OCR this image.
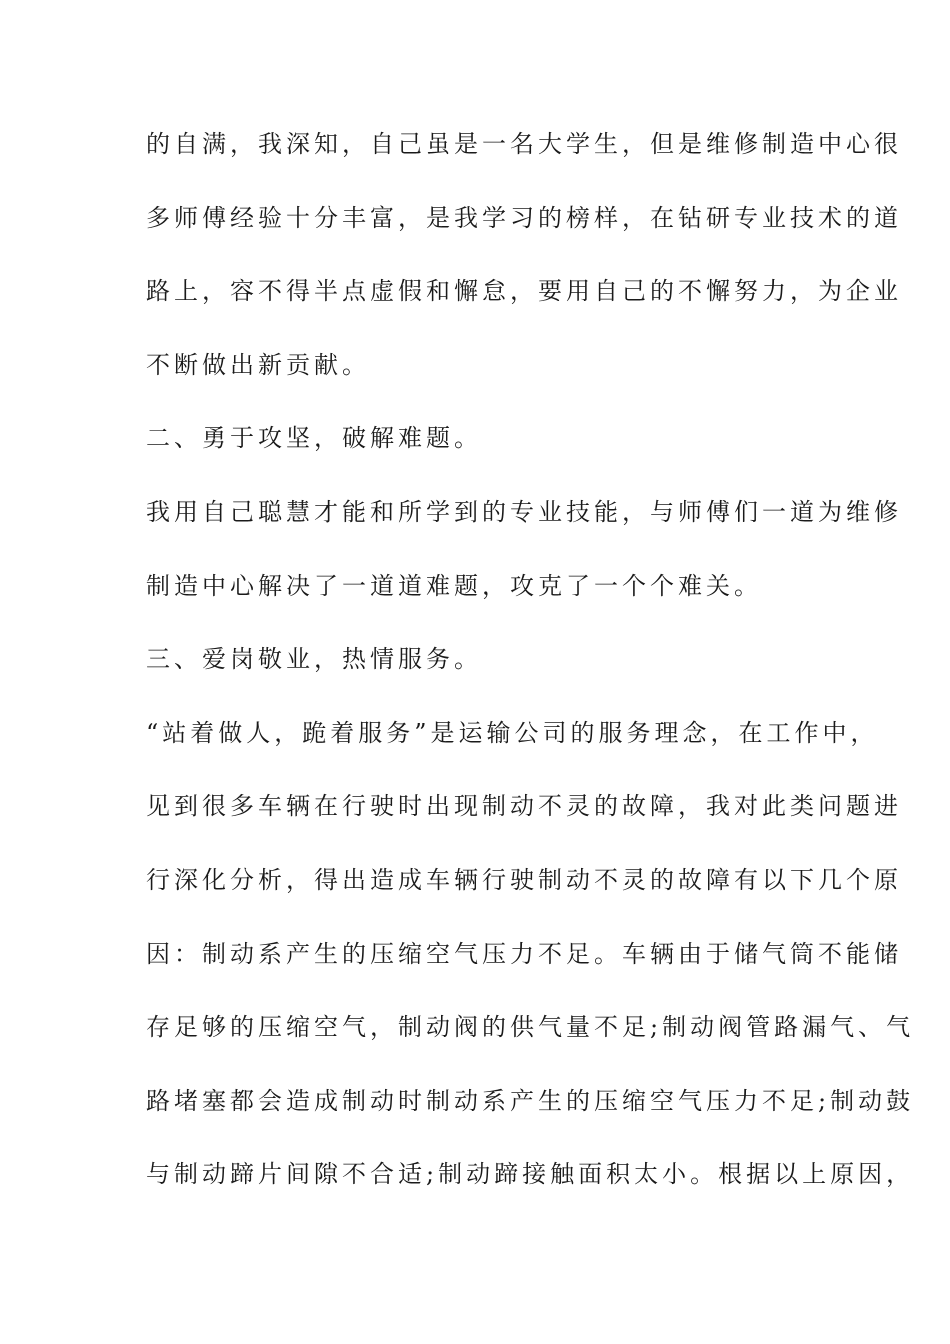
的自满，我深知，自己虽是一名大学生，但是维修制造中心很
多师傅经验十分丰富，是我学习的榜样，在钻研专业技术的道
路上，容不得半点虚假和懈怠，要用自己的不懈努力，为企业
不断做出新贡献。
二、勇于攻坚，破解难题。
我用自己聪慧才能和所学到的专业技能，与师傅们一道为维修
制造中心解决了一道道难题，攻克了一个个难关。
三、爱岗敬业，热情服务。
“站着做人，跪着服务”是运输公司的服务理念，在工作中，
见到很多车辆在行驶时出现制动不灵的故障，我对此类问题进
行深化分析，得出造成车辆行驶制动不灵的故障有以下几个原
因：制动系产生的压缩空气压力不足。车辆由于储气筒不能储
存足够的压缩空气，制动阀的供气量不足;制动阀管路漏气、气
路堵塞都会造成制动时制动系产生的压缩空气压力不足;制动鼓
与制动蹄片间隙不合适;制动蹄接触面积太小。根据以上原因，
